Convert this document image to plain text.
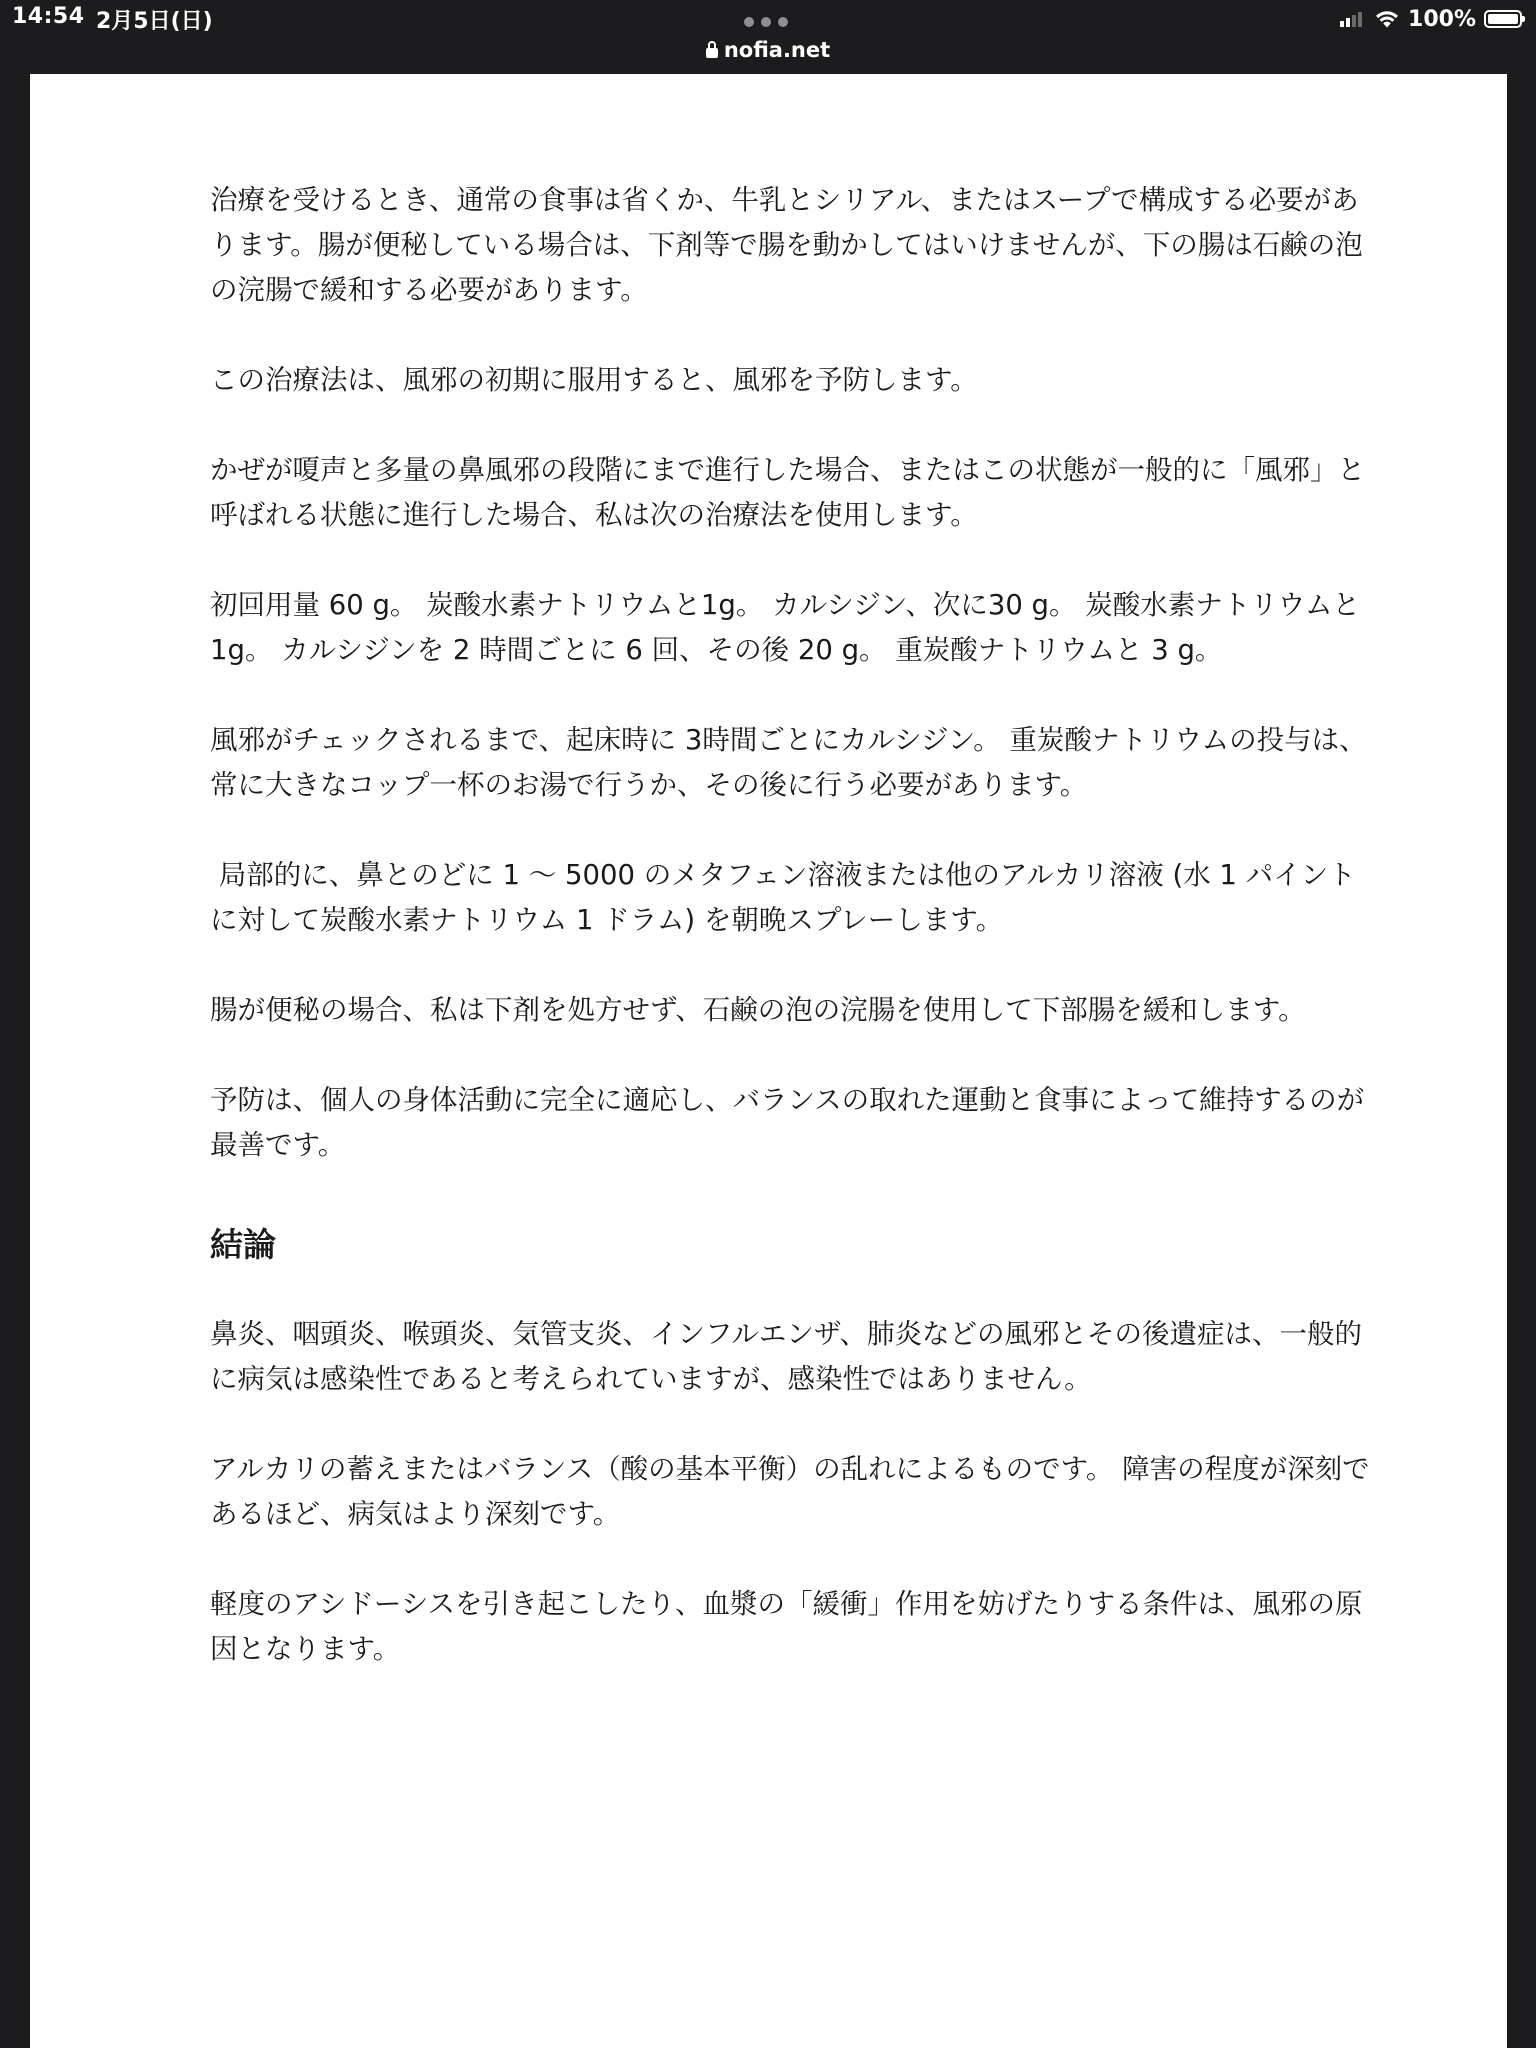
14:54 2月5日(日)	100%
nofia.net

治療を受けるとき、通常の食事は省くか、牛乳とシリアル、またはスープで構成する必要があります。腸が便秘している場合は、下剤等で腸を動かしてはいけませんが、下の腸は石鹸の泡の浣腸で緩和する必要があります。

この治療法は、風邪の初期に服用すると、風邪を予防します。

かぜが嗄声と多量の鼻風邪の段階にまで進行した場合、またはこの状態が一般的に「風邪」と呼ばれる状態に進行した場合、私は次の治療法を使用します。

初回用量 60 g。 炭酸水素ナトリウムと1g。 カルシジン、次に30 g。 炭酸水素ナトリウムと 1g。 カルシジンを 2 時間ごとに 6 回、その後 20 g。 重炭酸ナトリウムと 3 g。

風邪がチェックされるまで、起床時に 3時間ごとにカルシジン。 重炭酸ナトリウムの投与は、常に大きなコップ一杯のお湯で行うか、その後に行う必要があります。

局部的に、鼻とのどに 1 〜 5000 のメタフェン溶液または他のアルカリ溶液 (水 1 パイントに対して炭酸水素ナトリウム 1 ドラム) を朝晩スプレーします。

腸が便秘の場合、私は下剤を処方せず、石鹸の泡の浣腸を使用して下部腸を緩和します。

予防は、個人の身体活動に完全に適応し、バランスの取れた運動と食事によって維持するのが最善です。

結論

鼻炎、咽頭炎、喉頭炎、気管支炎、インフルエンザ、肺炎などの風邪とその後遺症は、一般的に病気は感染性であると考えられていますが、感染性ではありません。

アルカリの蓄えまたはバランス（酸の基本平衡）の乱れによるものです。 障害の程度が深刻であるほど、病気はより深刻です。

軽度のアシドーシスを引き起こしたり、血漿の「緩衝」作用を妨げたりする条件は、風邪の原因となります。
